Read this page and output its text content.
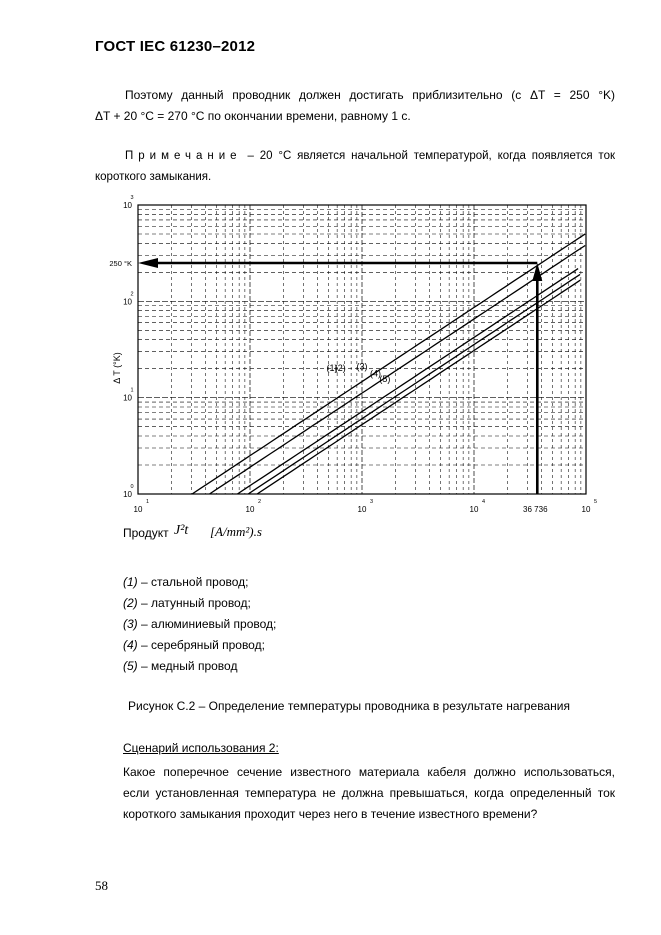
ГОСТ IEC 61230–2012
Поэтому данный проводник должен достигать приблизительно (с ΔT = 250 °K)
ΔT + 20 °C = 270 °C по окончании времени, равному 1 с.
Примечание – 20 °C является начальной температурой, когда появляется ток
короткого замыкания.
(1)
(2) (3)
(4)
(5)
250 °K
36 736
10
1
10
2
10
3
10
4
10
5
10
0
10
1
10
2
10
3
Δ T (°K)
Продукт J²t [A/mm²).s
(1) – стальной провод;
(2) – латунный провод;
(3) – алюминиевый провод;
(4) – серебряный провод;
(5) – медный провод
Рисунок С.2 – Определение температуры проводника в результате нагревания
Сценарий использования 2:
Какое поперечное сечение известного материала кабеля должно использоваться,
если установленная температура не должна превышаться, когда определенный ток
короткого замыкания проходит через него в течение известного времени?
58
